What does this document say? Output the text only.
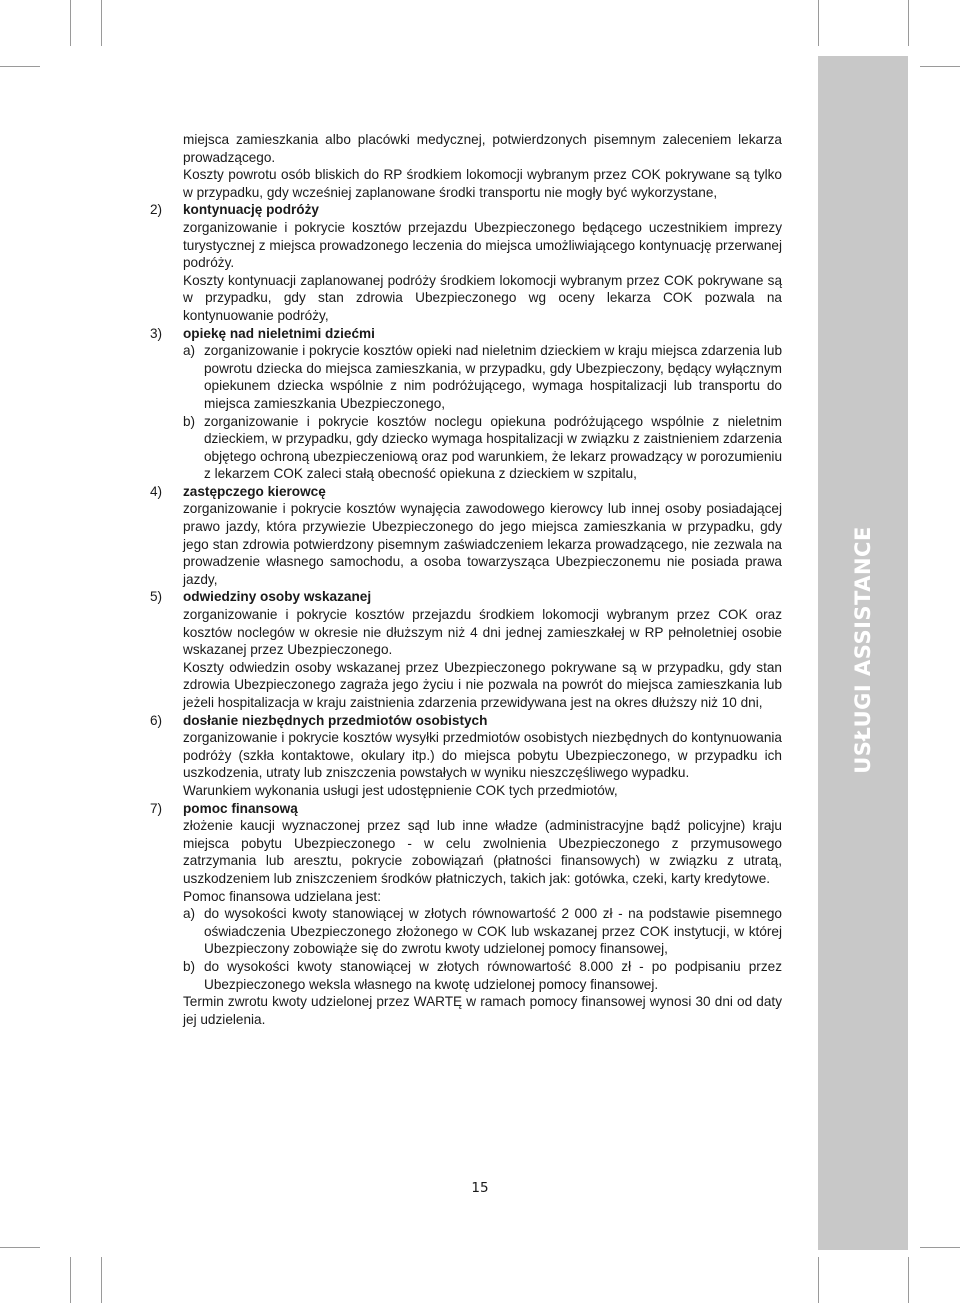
USŁUGI ASSISTANCE
miejsca zamieszkania albo placówki medycznej, potwierdzonych pisemnym zaleceniem lekarza prowadzącego.
Koszty powrotu osób bliskich do RP środkiem lokomocji wybranym przez COK pokrywane są tylko w przypadku, gdy wcześniej zaplanowane środki transportu nie mogły być wykorzystane,
2) kontynuację podróży
zorganizowanie i pokrycie kosztów przejazdu Ubezpieczonego będącego uczestnikiem imprezy turystycznej z miejsca prowadzonego leczenia do miejsca umożliwiającego kontynuację przerwanej podróży.
Koszty kontynuacji zaplanowanej podróży środkiem lokomocji wybranym przez COK pokrywane są w przypadku, gdy stan zdrowia Ubezpieczonego wg oceny lekarza COK pozwala na kontynuowanie podróży,
3) opiekę nad nieletnimi dziećmi
a) zorganizowanie i pokrycie kosztów opieki nad nieletnim dzieckiem w kraju miejsca zdarzenia lub powrotu dziecka do miejsca zamieszkania, w przypadku, gdy Ubezpieczony, będący wyłącznym opiekunem dziecka wspólnie z nim podróżującego, wymaga hospitalizacji lub transportu do miejsca zamieszkania Ubezpieczonego,
b) zorganizowanie i pokrycie kosztów noclegu opiekuna podróżującego wspólnie z nieletnim dzieckiem, w przypadku, gdy dziecko wymaga hospitalizacji w związku z zaistnieniem zdarzenia objętego ochroną ubezpieczeniową oraz pod warunkiem, że lekarz prowadzący w porozumieniu z lekarzem COK zaleci stałą obecność opiekuna z dzieckiem w szpitalu,
4) zastępczego kierowcę
zorganizowanie i pokrycie kosztów wynajęcia zawodowego kierowcy lub innej osoby posiadającej prawo jazdy, która przywiezie Ubezpieczonego do jego miejsca zamieszkania w przypadku, gdy jego stan zdrowia potwierdzony pisemnym zaświadczeniem lekarza prowadzącego, nie zezwala na prowadzenie własnego samochodu, a osoba towarzysząca Ubezpieczonemu nie posiada prawa jazdy,
5) odwiedziny osoby wskazanej
zorganizowanie i pokrycie kosztów przejazdu środkiem lokomocji wybranym przez COK oraz kosztów noclegów w okresie nie dłuższym niż 4 dni jednej zamieszkałej w RP pełnoletniej osobie wskazanej przez Ubezpieczonego.
Koszty odwiedzin osoby wskazanej przez Ubezpieczonego pokrywane są w przypadku, gdy stan zdrowia Ubezpieczonego zagraża jego życiu i nie pozwala na powrót do miejsca zamieszkania lub jeżeli hospitalizacja w kraju zaistnienia zdarzenia przewidywana jest na okres dłuższy niż 10 dni,
6) dosłanie niezbędnych przedmiotów osobistych
zorganizowanie i pokrycie kosztów wysyłki przedmiotów osobistych niezbędnych do kontynuowania podróży (szkła kontaktowe, okulary itp.) do miejsca pobytu Ubezpieczonego, w przypadku ich uszkodzenia, utraty lub zniszczenia powstałych w wyniku nieszczęśliwego wypadku.
Warunkiem wykonania usługi jest udostępnienie COK tych przedmiotów,
7) pomoc finansową
złożenie kaucji wyznaczonej przez sąd lub inne władze (administracyjne bądź policyjne) kraju miejsca pobytu Ubezpieczonego - w celu zwolnienia Ubezpieczonego z przymusowego zatrzymania lub aresztu, pokrycie zobowiązań (płatności finansowych) w związku z utratą, uszkodzeniem lub zniszczeniem środków płatniczych, takich jak: gotówka, czeki, karty kredytowe.
Pomoc finansowa udzielana jest:
a) do wysokości kwoty stanowiącej w złotych równowartość 2 000 zł - na podstawie pisemnego oświadczenia Ubezpieczonego złożonego w COK lub wskazanej przez COK instytucji, w której Ubezpieczony zobowiąże się do zwrotu kwoty udzielonej pomocy finansowej,
b) do wysokości kwoty stanowiącej w złotych równowartość 8.000 zł - po podpisaniu przez Ubezpieczonego weksla własnego na kwotę udzielonej pomocy finansowej.
Termin zwrotu kwoty udzielonej przez WARTĘ w ramach pomocy finansowej wynosi 30 dni od daty jej udzielenia.
15
